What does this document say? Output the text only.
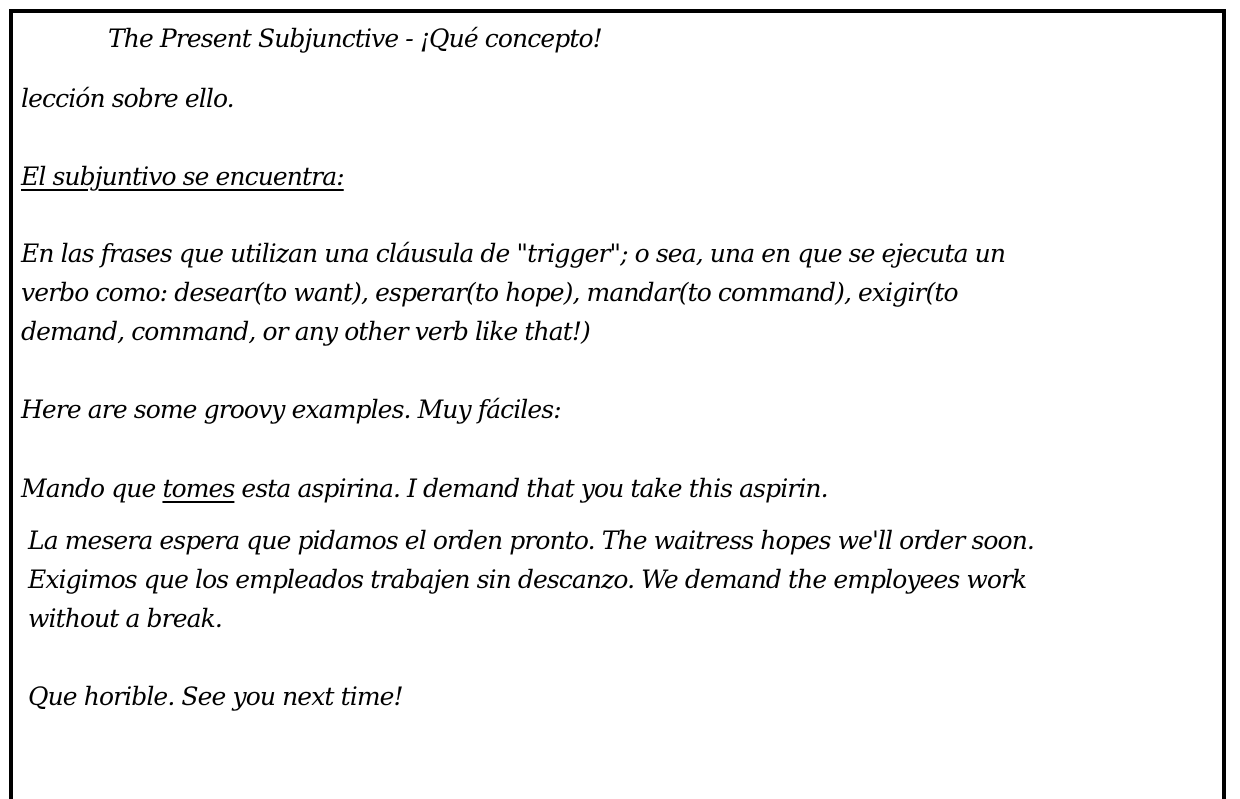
The Present Subjunctive - ¡Qué concepto!
lección sobre ello.
El subjuntivo se encuentra:
En las frases que utilizan una cláusula de "trigger"; o sea, una en que se ejecuta un
verbo como: desear(to want), esperar(to hope), mandar(to command), exigir(to
demand, command, or any other verb like that!)
Here are some groovy examples. Muy fáciles:
Mando que tomes esta aspirina. I demand that you take this aspirin.
La mesera espera que pidamos el orden pronto. The waitress hopes we'll order soon.
Exigimos que los empleados trabajen sin descanzo. We demand the employees work
without a break.
Que horible. See you next time!
